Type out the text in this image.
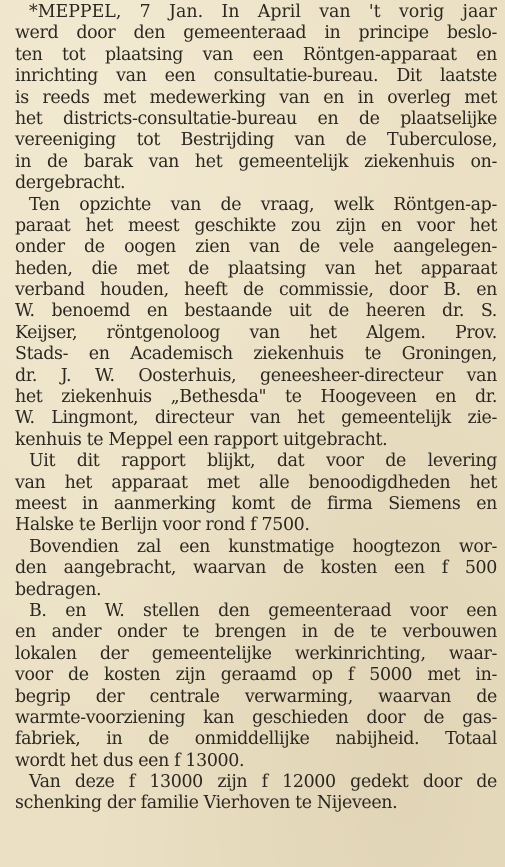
*MEPPEL, 7 Jan. In April van 't vorig jaar
werd door den gemeenteraad in principe beslo-
ten tot plaatsing van een Röntgen-apparaat en
inrichting van een consultatie-bureau. Dit laatste
is reeds met medewerking van en in overleg met
het districts-consultatie-bureau en de plaatselijke
vereeniging tot Bestrijding van de Tuberculose,
in de barak van het gemeentelijk ziekenhuis on-
dergebracht.

Ten opzichte van de vraag, welk Röntgen-ap-
paraat het meest geschikte zou zijn en voor het
onder de oogen zien van de vele aangelegen-
heden, die met de plaatsing van het apparaat
verband houden, heeft de commissie, door B. en
W. benoemd en bestaande uit de heeren dr. S.
Keijser, röntgenoloog van het Algem. Prov.
Stads- en Academisch ziekenhuis te Groningen,
dr. J. W. Oosterhuis, geneesheer-directeur van
het ziekenhuis „Bethesda" te Hoogeveen en dr.
W. Lingmont, directeur van het gemeentelijk zie-
kenhuis te Meppel een rapport uitgebracht.

Uit dit rapport blijkt, dat voor de levering
van het apparaat met alle benoodigdheden het
meest in aanmerking komt de firma Siemens en
Halske te Berlijn voor rond f 7500.

Bovendien zal een kunstmatige hoogtezon wor-
den aangebracht, waarvan de kosten een f 500
bedragen.

B. en W. stellen den gemeenteraad voor een
en ander onder te brengen in de te verbouwen
lokalen der gemeentelijke werkinrichting, waar-
voor de kosten zijn geraamd op f 5000 met in-
begrip der centrale verwarming, waarvan de
warmte-voorziening kan geschieden door de gas-
fabriek, in de onmiddellijke nabijheid. Totaal
wordt het dus een f 13000.

Van deze f 13000 zijn f 12000 gedekt door de
schenking der familie Vierhoven te Nijeveen.
